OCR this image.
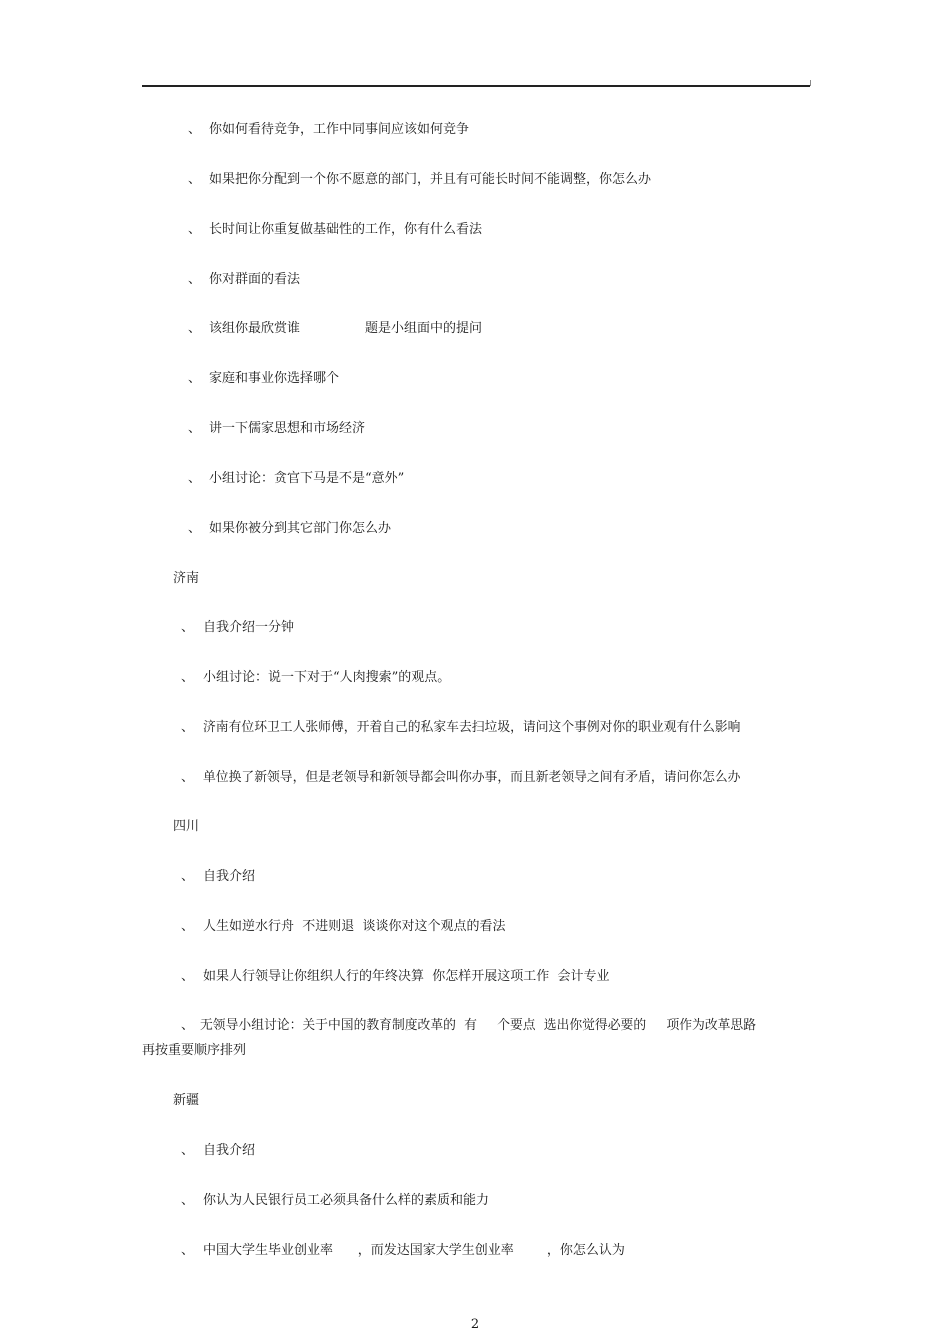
、 你如何看待竞争，工作中同事间应该如何竞争
、 如果把你分配到一个你不愿意的部门，并且有可能长时间不能调整，你怎么办
、 长时间让你重复做基础性的工作，你有什么看法
、 你对群面的看法
、 该组你最欣赏谁	题是小组面中的提问
、 家庭和事业你选择哪个
、 讲一下儒家思想和市场经济
、 小组讨论：贪官下马是不是“意外”
、 如果你被分到其它部门你怎么办
济南
、 自我介绍一分钟
、 小组讨论：说一下对于“人肉搜索”的观点。
、 济南有位环卫工人张师傅，开着自己的私家车去扫垃圾，请问这个事例对你的职业观有什么影响
、 单位换了新领导，但是老领导和新领导都会叫你办事，而且新老领导之间有矛盾，请问你怎么办
四川
、 自我介绍
、 人生如逆水行舟  不进则退  谈谈你对这个观点的看法
、 如果人行领导让你组织人行的年终决算  你怎样开展这项工作  会计专业
、 无领导小组讨论：关于中国的教育制度改革的  有     个要点  选出你觉得必要的     项作为改革思路
再按重要顺序排列
新疆
、 自我介绍
、 你认为人民银行员工必须具备什么样的素质和能力
、 中国大学生毕业创业率      ，而发达国家大学生创业率        ，你怎么认为
2
